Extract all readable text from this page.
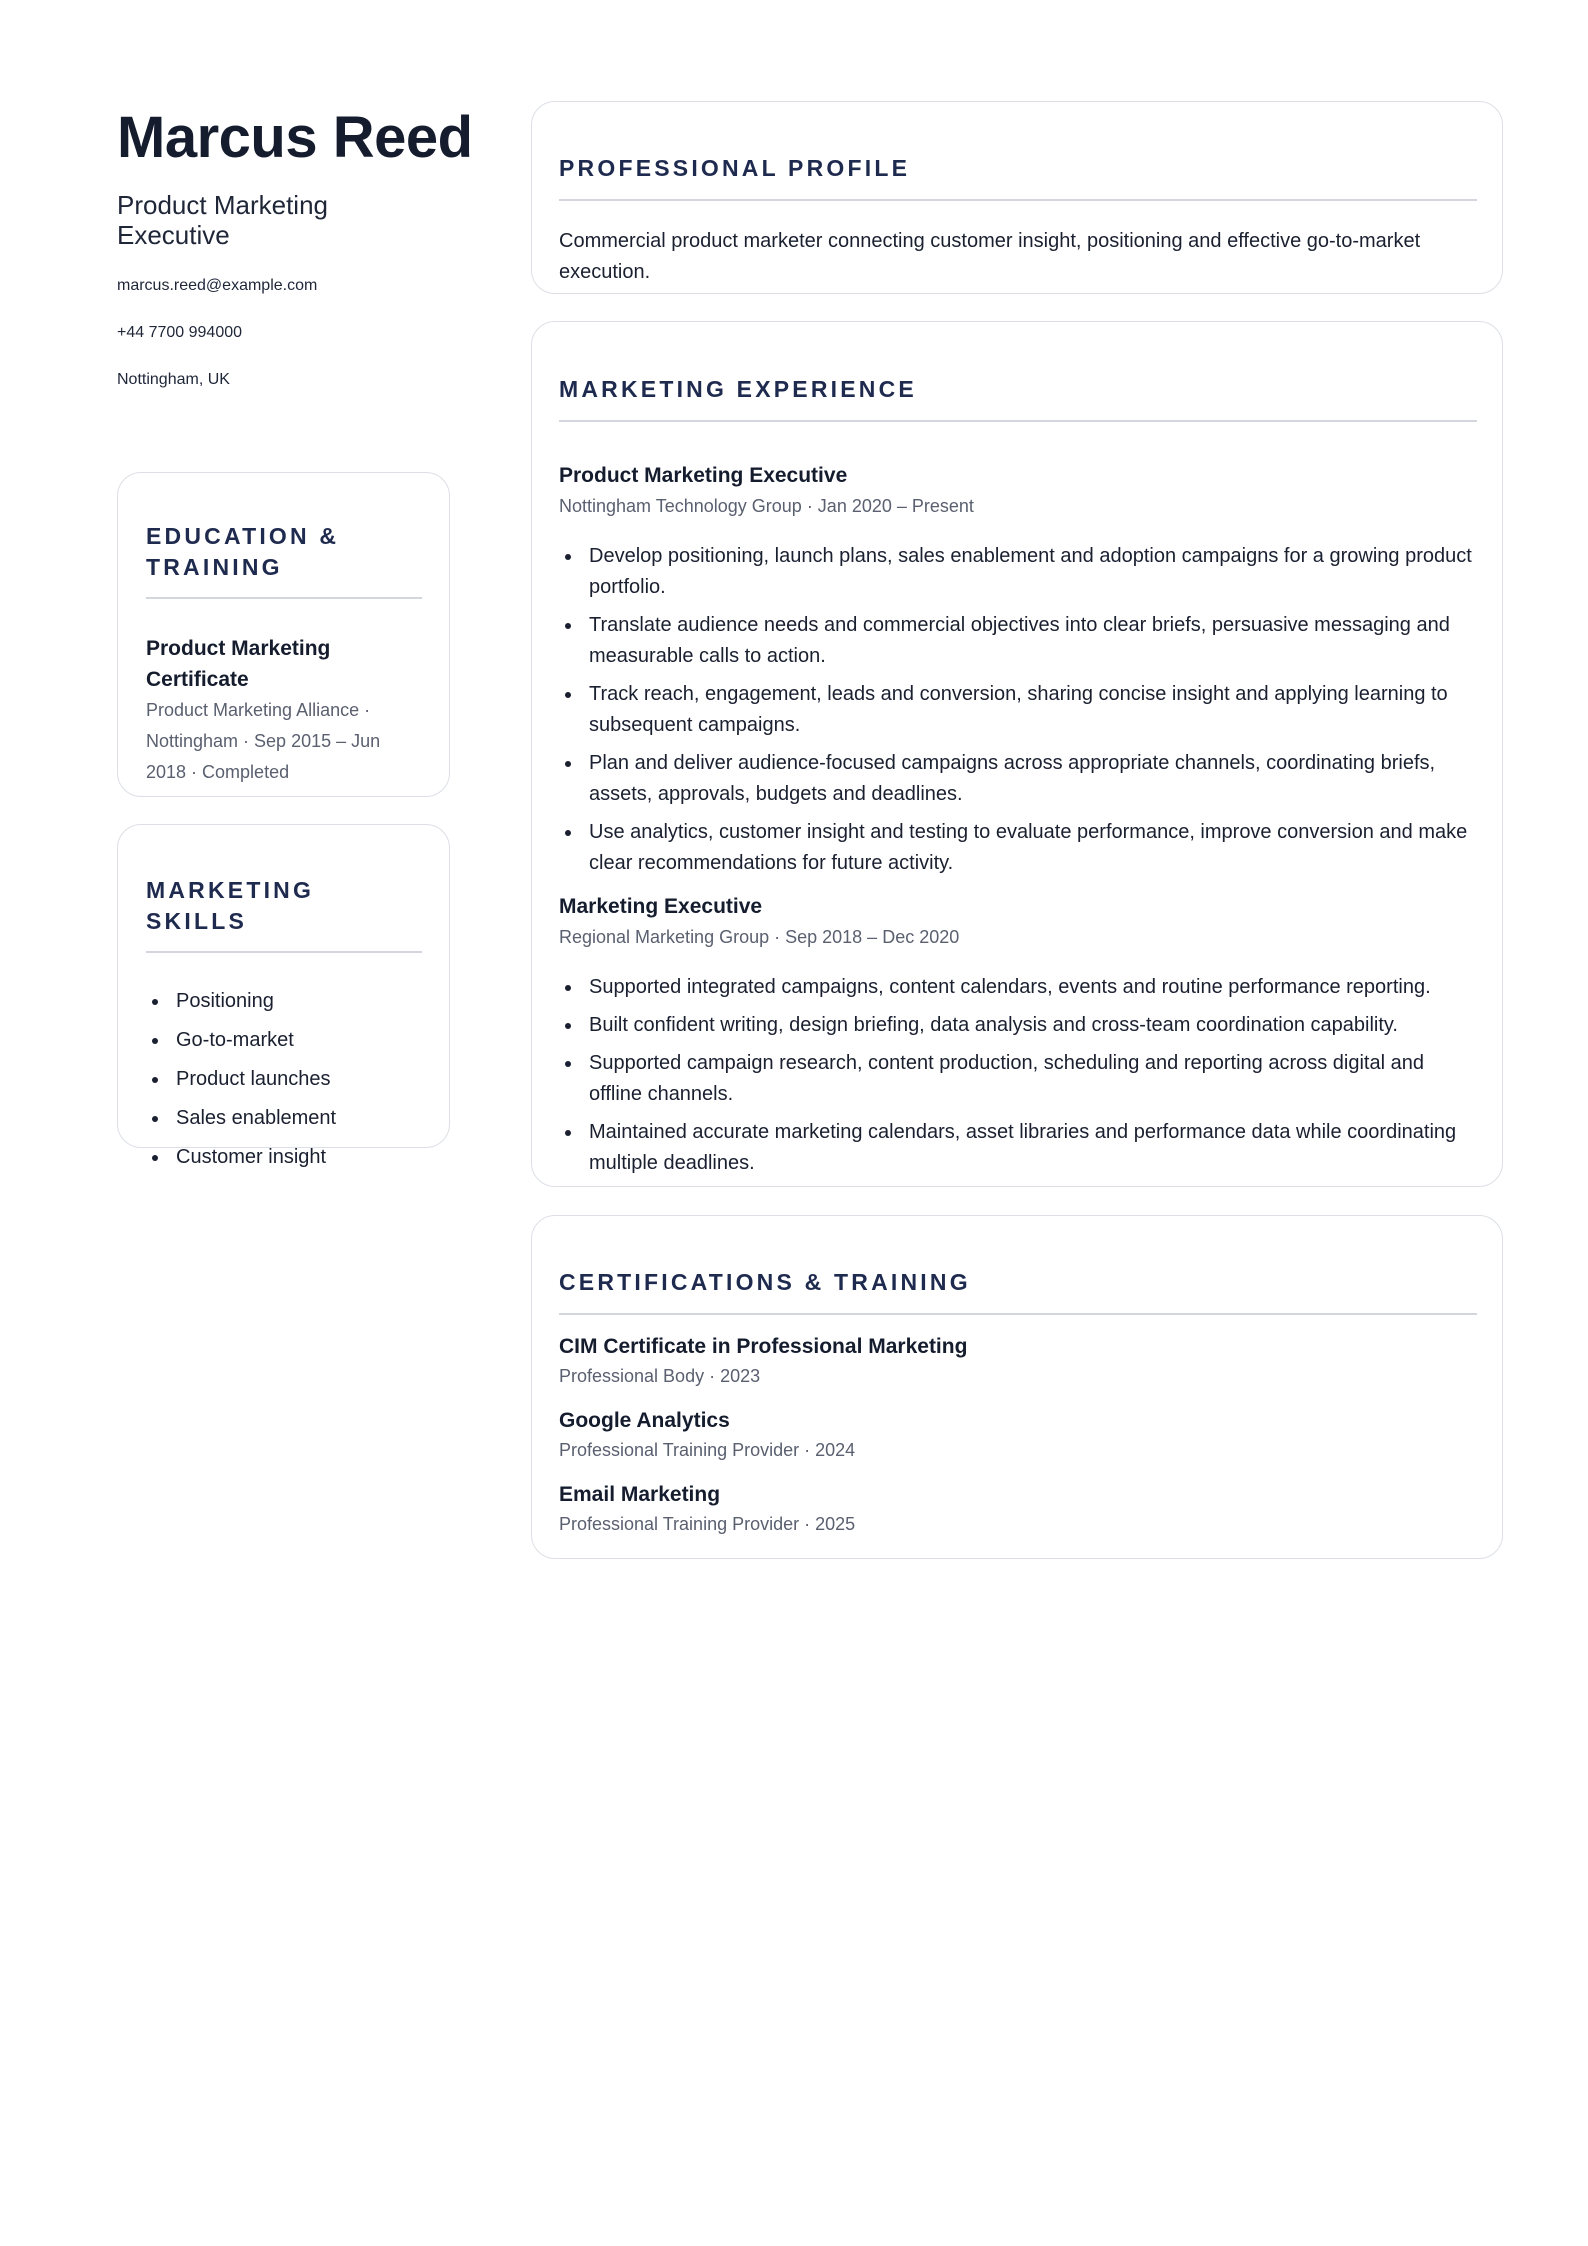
Marcus Reed
Product Marketing Executive
marcus.reed@example.com
+44 7700 994000
Nottingham, UK
EDUCATION & TRAINING
Product Marketing Certificate
Product Marketing Alliance · Nottingham · Sep 2015 – Jun 2018 · Completed
MARKETING SKILLS
Positioning
Go-to-market
Product launches
Sales enablement
Customer insight
PROFESSIONAL PROFILE
Commercial product marketer connecting customer insight, positioning and effective go-to-market execution.
MARKETING EXPERIENCE
Product Marketing Executive
Nottingham Technology Group · Jan 2020 – Present
Develop positioning, launch plans, sales enablement and adoption campaigns for a growing product portfolio.
Translate audience needs and commercial objectives into clear briefs, persuasive messaging and measurable calls to action.
Track reach, engagement, leads and conversion, sharing concise insight and applying learning to subsequent campaigns.
Plan and deliver audience-focused campaigns across appropriate channels, coordinating briefs, assets, approvals, budgets and deadlines.
Use analytics, customer insight and testing to evaluate performance, improve conversion and make clear recommendations for future activity.
Marketing Executive
Regional Marketing Group · Sep 2018 – Dec 2020
Supported integrated campaigns, content calendars, events and routine performance reporting.
Built confident writing, design briefing, data analysis and cross-team coordination capability.
Supported campaign research, content production, scheduling and reporting across digital and offline channels.
Maintained accurate marketing calendars, asset libraries and performance data while coordinating multiple deadlines.
CERTIFICATIONS & TRAINING
CIM Certificate in Professional Marketing
Professional Body · 2023
Google Analytics
Professional Training Provider · 2024
Email Marketing
Professional Training Provider · 2025
